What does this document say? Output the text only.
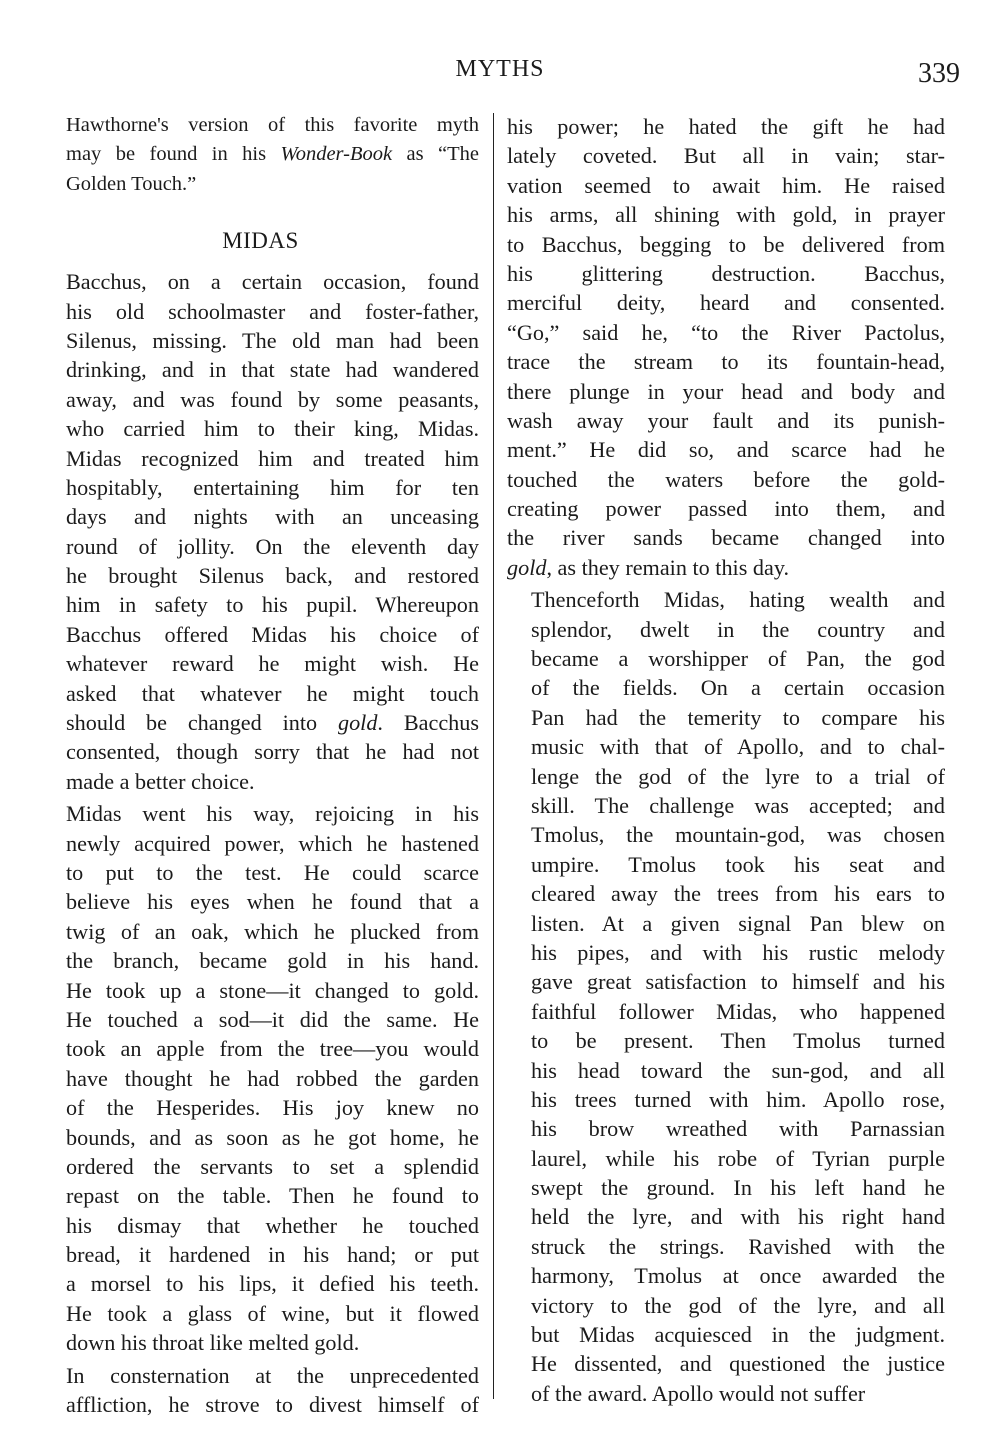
MYTHS	339
Hawthorne's version of this favorite myth
may be found in his Wonder-Book as “The
Golden Touch.”
MIDAS
Bacchus, on a certain occasion, found
his old schoolmaster and foster-father,
Silenus, missing. The old man had been
drinking, and in that state had wandered
away, and was found by some peasants,
who carried him to their king, Midas.
Midas recognized him and treated him
hospitably, entertaining him for ten
days and nights with an unceasing
round of jollity. On the eleventh day
he brought Silenus back, and restored
him in safety to his pupil. Whereupon
Bacchus offered Midas his choice of
whatever reward he might wish. He
asked that whatever he might touch
should be changed into gold. Bacchus
consented, though sorry that he had not
made a better choice.
Midas went his way, rejoicing in his
newly acquired power, which he hastened
to put to the test. He could scarce
believe his eyes when he found that a
twig of an oak, which he plucked from
the branch, became gold in his hand.
He took up a stone—it changed to gold.
He touched a sod—it did the same. He
took an apple from the tree—you would
have thought he had robbed the garden
of the Hesperides. His joy knew no
bounds, and as soon as he got home, he
ordered the servants to set a splendid
repast on the table. Then he found to
his dismay that whether he touched
bread, it hardened in his hand; or put
a morsel to his lips, it defied his teeth.
He took a glass of wine, but it flowed
down his throat like melted gold.
In consternation at the unprecedented
affliction, he strove to divest himself of
his power; he hated the gift he had
lately coveted. But all in vain; star-
vation seemed to await him. He raised
his arms, all shining with gold, in prayer
to Bacchus, begging to be delivered from
his glittering destruction. Bacchus,
merciful deity, heard and consented.
“Go,” said he, “to the River Pactolus,
trace the stream to its fountain-head,
there plunge in your head and body and
wash away your fault and its punish-
ment.” He did so, and scarce had he
touched the waters before the gold-
creating power passed into them, and
the river sands became changed into
gold, as they remain to this day.
Thenceforth Midas, hating wealth and
splendor, dwelt in the country and
became a worshipper of Pan, the god
of the fields. On a certain occasion
Pan had the temerity to compare his
music with that of Apollo, and to chal-
lenge the god of the lyre to a trial of
skill. The challenge was accepted; and
Tmolus, the mountain-god, was chosen
umpire. Tmolus took his seat and
cleared away the trees from his ears to
listen. At a given signal Pan blew on
his pipes, and with his rustic melody
gave great satisfaction to himself and his
faithful follower Midas, who happened
to be present. Then Tmolus turned
his head toward the sun-god, and all
his trees turned with him. Apollo rose,
his brow wreathed with Parnassian
laurel, while his robe of Tyrian purple
swept the ground. In his left hand he
held the lyre, and with his right hand
struck the strings. Ravished with the
harmony, Tmolus at once awarded the
victory to the god of the lyre, and all
but Midas acquiesced in the judgment.
He dissented, and questioned the justice
of the award. Apollo would not suffer
